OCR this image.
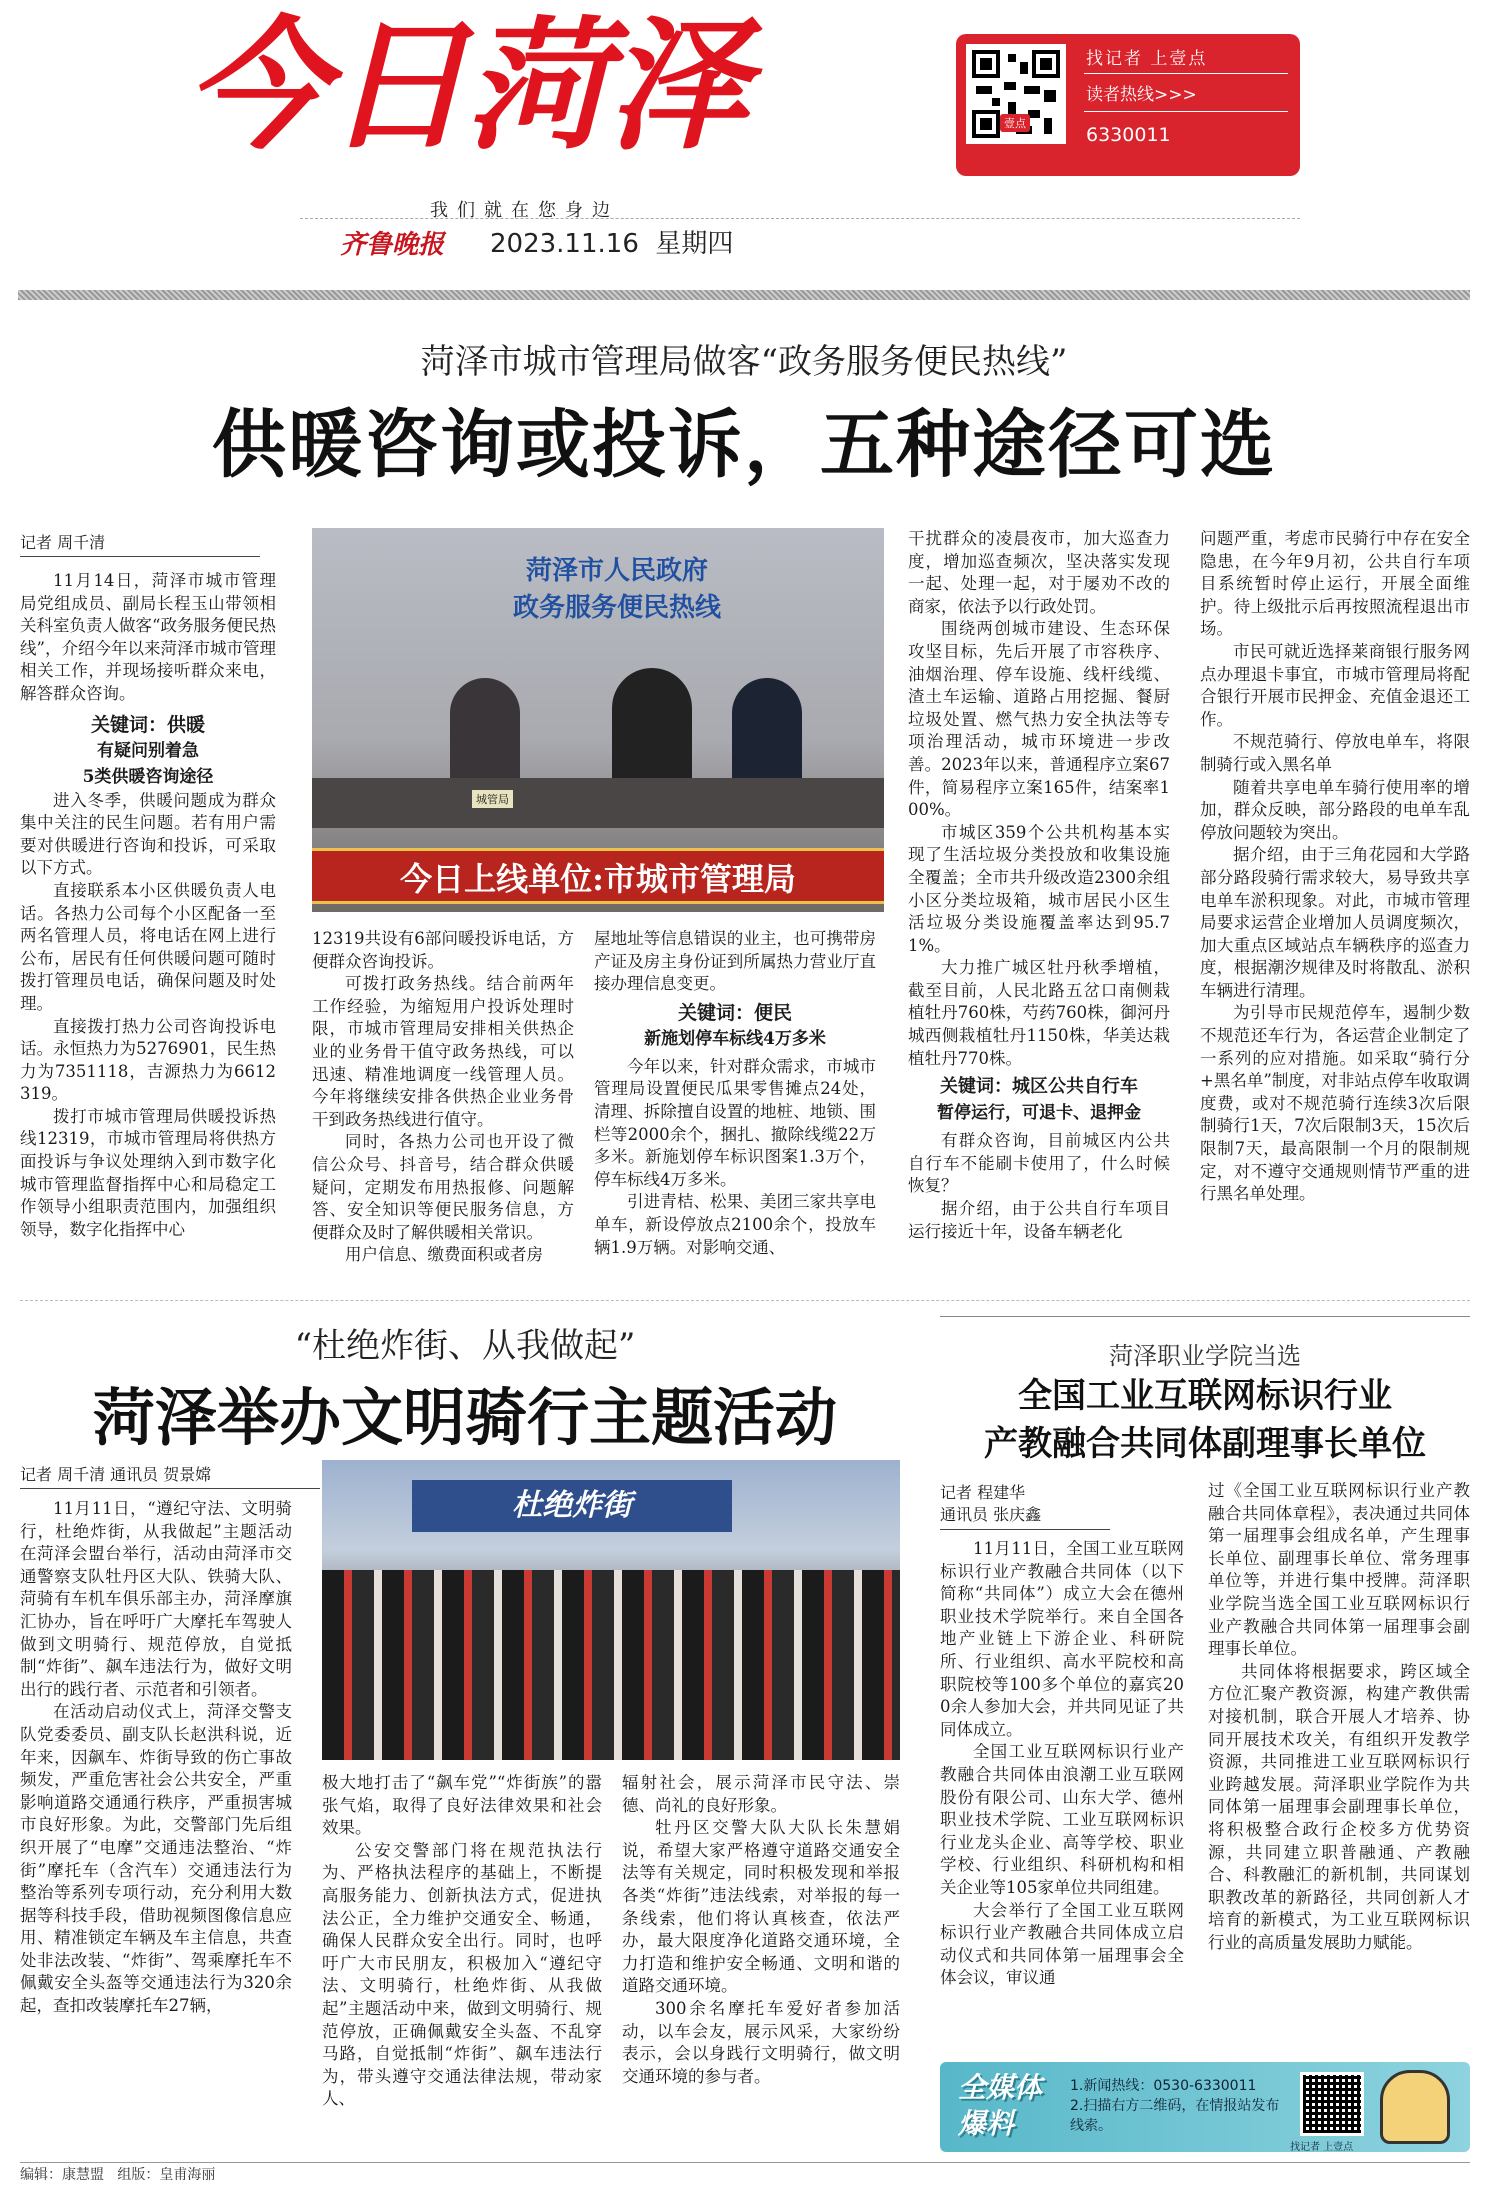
今日菏泽
我们就在您身边
齐鲁晚报 2023.11.16 星期四
壹点
找记者 上壹点
读者热线>>>
6330011
菏泽市城市管理局做客“政务服务便民热线”
供暖咨询或投诉，五种途径可选
记者 周千清

11月14日，菏泽市城市管理局党组成员、副局长程玉山带领相关科室负责人做客“政务服务便民热线”，介绍今年以来菏泽市城市管理相关工作，并现场接听群众来电，解答群众咨询。

关键词：供暖
有疑问别着急
5类供暖咨询途径

进入冬季，供暖问题成为群众集中关注的民生问题。若有用户需要对供暖进行咨询和投诉，可采取以下方式。

直接联系本小区供暖负责人电话。各热力公司每个小区配备一至两名管理人员，将电话在网上进行公布，居民有任何供暖问题可随时拨打管理员电话，确保问题及时处理。

直接拨打热力公司咨询投诉电话。永恒热力为5276901，民生热力为7351118，吉源热力为6612319。

拨打市城市管理局供暖投诉热线12319，市城市管理局将供热方面投诉与争议处理纳入到市数字化城市管理监督指挥中心和局稳定工作领导小组职责范围内，加强组织领导，数字化指挥中心

菏泽市人民政府
政务服务便民热线
城管局
今日上线单位:市城市管理局

12319共设有6部问暖投诉电话，方便群众咨询投诉。

可拨打政务热线。结合前两年工作经验，为缩短用户投诉处理时限，市城市管理局安排相关供热企业的业务骨干值守政务热线，可以迅速、精准地调度一线管理人员。今年将继续安排各供热企业业务骨干到政务热线进行值守。

同时，各热力公司也开设了微信公众号、抖音号，结合群众供暖疑问，定期发布用热报修、问题解答、安全知识等便民服务信息，方便群众及时了解供暖相关常识。

用户信息、缴费面积或者房

屋地址等信息错误的业主，也可携带房产证及房主身份证到所属热力营业厅直接办理信息变更。

关键词：便民
新施划停车标线4万多米

今年以来，针对群众需求，市城市管理局设置便民瓜果零售摊点24处，清理、拆除擅自设置的地桩、地锁、围栏等2000余个，捆扎、撤除线缆22万多米。新施划停车标识图案1.3万个，停车标线4万多米。

引进青桔、松果、美团三家共享电单车，新设停放点2100余个，投放车辆1.9万辆。对影响交通、

干扰群众的凌晨夜市，加大巡查力度，增加巡查频次，坚决落实发现一起、处理一起，对于屡劝不改的商家，依法予以行政处罚。

围绕两创城市建设、生态环保攻坚目标，先后开展了市容秩序、油烟治理、停车设施、线杆线缆、渣土车运输、道路占用挖掘、餐厨垃圾处置、燃气热力安全执法等专项治理活动，城市环境进一步改善。2023年以来，普通程序立案67件，简易程序立案165件，结案率100%。

市城区359个公共机构基本实现了生活垃圾分类投放和收集设施全覆盖；全市共升级改造2300余组小区分类垃圾箱，城市居民小区生活垃圾分类设施覆盖率达到95.71%。

大力推广城区牡丹秋季增植，截至目前，人民北路五岔口南侧栽植牡丹760株，芍药760株，御河丹城西侧栽植牡丹1150株，华美达栽植牡丹770株。

关键词：城区公共自行车
暂停运行，可退卡、退押金

有群众咨询，目前城区内公共自行车不能刷卡使用了，什么时候恢复？

据介绍，由于公共自行车项目运行接近十年，设备车辆老化

问题严重，考虑市民骑行中存在安全隐患，在今年9月初，公共自行车项目系统暂时停止运行，开展全面维护。待上级批示后再按照流程退出市场。

市民可就近选择莱商银行服务网点办理退卡事宜，市城市管理局将配合银行开展市民押金、充值金退还工作。

不规范骑行、停放电单车，将限制骑行或入黑名单

随着共享电单车骑行使用率的增加，群众反映，部分路段的电单车乱停放问题较为突出。

据介绍，由于三角花园和大学路部分路段骑行需求较大，易导致共享电单车淤积现象。对此，市城市管理局要求运营企业增加人员调度频次，加大重点区域站点车辆秩序的巡查力度，根据潮汐规律及时将散乱、淤积车辆进行清理。

为引导市民规范停车，遏制少数不规范还车行为，各运营企业制定了一系列的应对措施。如采取“骑行分+黑名单”制度，对非站点停车收取调度费，或对不规范骑行连续3次后限制骑行1天，7次后限制3天，15次后限制7天，最高限制一个月的限制规定，对不遵守交通规则情节严重的进行黑名单处理。

“杜绝炸街、从我做起”
菏泽举办文明骑行主题活动
记者 周千清 通讯员 贺景嫦

11月11日，“遵纪守法、文明骑行，杜绝炸街，从我做起”主题活动在菏泽会盟台举行，活动由菏泽市交通警察支队牡丹区大队、铁骑大队、菏骑有车机车俱乐部主办，菏泽摩旗汇协办，旨在呼吁广大摩托车驾驶人做到文明骑行、规范停放，自觉抵制“炸街”、飙车违法行为，做好文明出行的践行者、示范者和引领者。

在活动启动仪式上，菏泽交警支队党委委员、副支队长赵洪科说，近年来，因飙车、炸街导致的伤亡事故频发，严重危害社会公共安全，严重影响道路交通通行秩序，严重损害城市良好形象。为此，交警部门先后组织开展了“电摩”交通违法整治、“炸街”摩托车（含汽车）交通违法行为整治等系列专项行动，充分利用大数据等科技手段，借助视频图像信息应用、精准锁定车辆及车主信息，共查处非法改装、“炸街”、驾乘摩托车不佩戴安全头盔等交通违法行为320余起，查扣改装摩托车27辆，

杜绝炸街

极大地打击了“飙车党”“炸街族”的嚣张气焰，取得了良好法律效果和社会效果。

公安交警部门将在规范执法行为、严格执法程序的基础上，不断提高服务能力、创新执法方式，促进执法公正，全力维护交通安全、畅通，确保人民群众安全出行。同时，也呼吁广大市民朋友，积极加入“遵纪守法、文明骑行，杜绝炸街、从我做起”主题活动中来，做到文明骑行、规范停放，正确佩戴安全头盔、不乱穿马路，自觉抵制“炸街”、飙车违法行为，带头遵守交通法律法规，带动家人、

辐射社会，展示菏泽市民守法、崇德、尚礼的良好形象。

牡丹区交警大队大队长朱慧娟说，希望大家严格遵守道路交通安全法等有关规定，同时积极发现和举报各类“炸街”违法线索，对举报的每一条线索，他们将认真核查，依法严办，最大限度净化道路交通环境，全力打造和维护安全畅通、文明和谐的道路交通环境。

300余名摩托车爱好者参加活动，以车会友，展示风采，大家纷纷表示，会以身践行文明骑行，做文明交通环境的参与者。

菏泽职业学院当选
全国工业互联网标识行业
产教融合共同体副理事长单位
记者 程建华
通讯员 张庆鑫

11月11日，全国工业互联网标识行业产教融合共同体（以下简称“共同体”）成立大会在德州职业技术学院举行。来自全国各地产业链上下游企业、科研院所、行业组织、高水平院校和高职院校等100多个单位的嘉宾200余人参加大会，并共同见证了共同体成立。

全国工业互联网标识行业产教融合共同体由浪潮工业互联网股份有限公司、山东大学、德州职业技术学院、工业互联网标识行业龙头企业、高等学校、职业学校、行业组织、科研机构和相关企业等105家单位共同组建。

大会举行了全国工业互联网标识行业产教融合共同体成立启动仪式和共同体第一届理事会全体会议，审议通

过《全国工业互联网标识行业产教融合共同体章程》，表决通过共同体第一届理事会组成名单，产生理事长单位、副理事长单位、常务理事单位等，并进行集中授牌。菏泽职业学院当选全国工业互联网标识行业产教融合共同体第一届理事会副理事长单位。

共同体将根据要求，跨区域全方位汇聚产教资源，构建产教供需对接机制，联合开展人才培养、协同开展技术攻关，有组织开发教学资源，共同推进工业互联网标识行业跨越发展。菏泽职业学院作为共同体第一届理事会副理事长单位，将积极整合政行企校多方优势资源，共同建立职普融通、产教融合、科教融汇的新机制，共同谋划职教改革的新路径，共同创新人才培育的新模式，为工业互联网标识行业的高质量发展助力赋能。

全媒体
爆料
1.新闻热线：0530-6330011
2.扫描右方二维码，在情报站发布线索。
找记者 上壹点
编辑：康慧盟 组版：皇甫海丽
